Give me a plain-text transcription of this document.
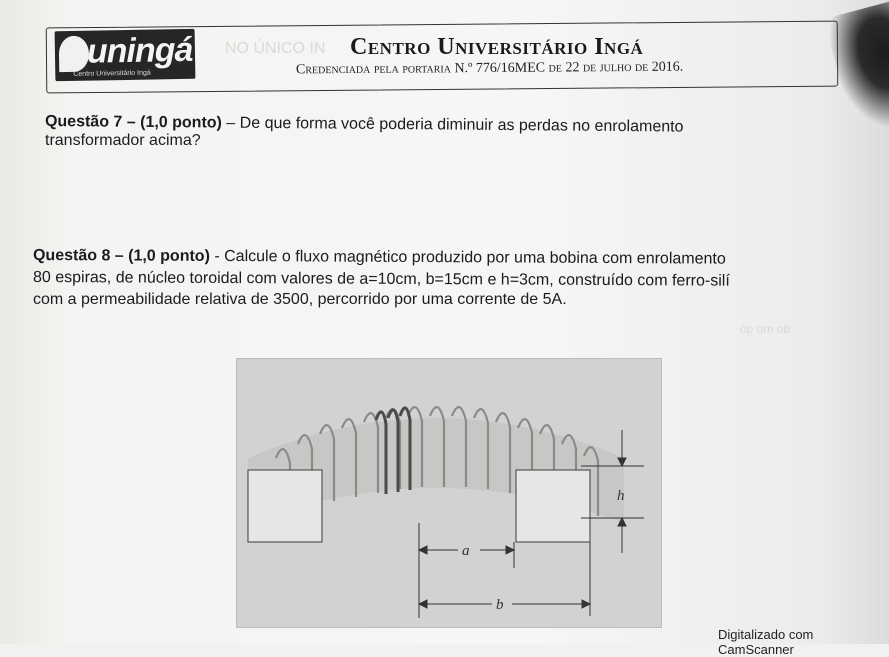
NO ÚNICO IN
uningá
Centro Universitário Ingá
Centro Universitário Ingá
Credenciada pela portaria N.º 776/16MEC de 22 de julho de 2016.
Questão 7 – (1,0 ponto) – De que forma você poderia diminuir as perdas no enrolamento
transformador acima?
Questão 8 – (1,0 ponto) - Calcule o fluxo magnético produzido por uma bobina com enrolamento
80 espiras, de núcleo toroidal com valores de a=10cm, b=15cm e h=3cm, construído com ferro-silí
com a permeabilidade relativa de 3500, percorrido por uma corrente de 5A.
ôp om ob
h
a
b
Digitalizado com CamScanner
